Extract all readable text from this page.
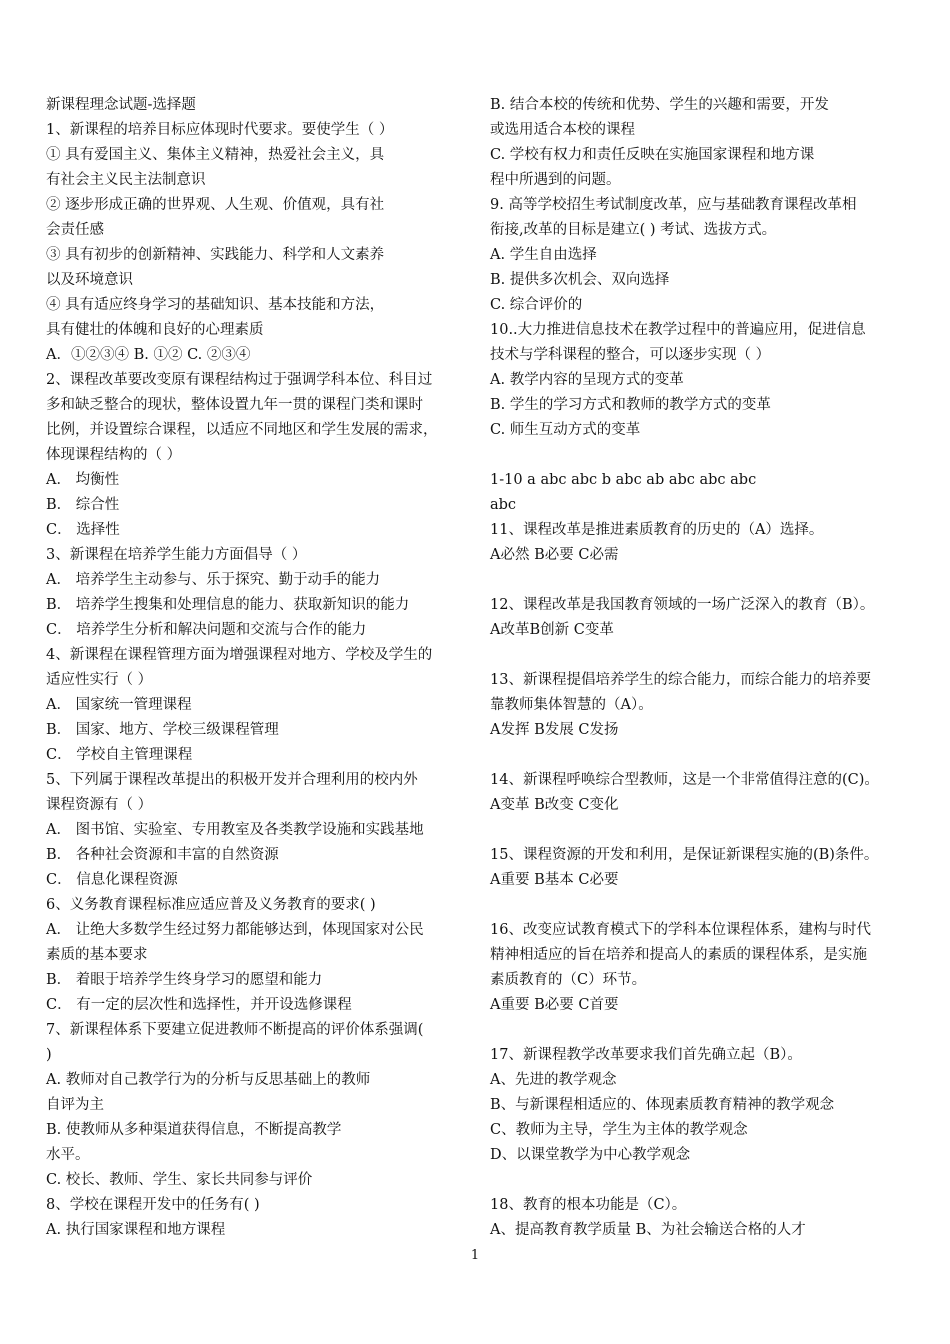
新课程理念试题-选择题
1、新课程的培养目标应体现时代要求。要使学生（ ）
① 具有爱国主义、集体主义精神，热爱社会主义，具
有社会主义民主法制意识
② 逐步形成正确的世界观、人生观、价值观，具有社
会责任感
③ 具有初步的创新精神、实践能力、科学和人文素养
以及环境意识
④ 具有适应终身学习的基础知识、基本技能和方法，
具有健壮的体魄和良好的心理素质
A．①②③④ B. ①② C. ②③④
2、课程改革要改变原有课程结构过于强调学科本位、科目过
多和缺乏整合的现状，整体设置九年一贯的课程门类和课时
比例，并设置综合课程，以适应不同地区和学生发展的需求，
体现课程结构的（ ）
A． 均衡性
B． 综合性
C． 选择性
3、新课程在培养学生能力方面倡导（ ）
A． 培养学生主动参与、乐于探究、勤于动手的能力
B． 培养学生搜集和处理信息的能力、获取新知识的能力
C． 培养学生分析和解决问题和交流与合作的能力
4、新课程在课程管理方面为增强课程对地方、学校及学生的
适应性实行（ ）
A． 国家统一管理课程
B． 国家、地方、学校三级课程管理
C． 学校自主管理课程
5、下列属于课程改革提出的积极开发并合理利用的校内外
课程资源有（ ）
A． 图书馆、实验室、专用教室及各类教学设施和实践基地
B． 各种社会资源和丰富的自然资源
C． 信息化课程资源
6、义务教育课程标准应适应普及义务教育的要求( )
A． 让绝大多数学生经过努力都能够达到，体现国家对公民
素质的基本要求
B． 着眼于培养学生终身学习的愿望和能力
C． 有一定的层次性和选择性，并开设选修课程
7、新课程体系下要建立促进教师不断提高的评价体系强调(
)
A. 教师对自己教学行为的分析与反思基础上的教师
自评为主
B. 使教师从多种渠道获得信息，不断提高教学
水平。
C. 校长、教师、学生、家长共同参与评价
8、学校在课程开发中的任务有( )
A. 执行国家课程和地方课程
B. 结合本校的传统和优势、学生的兴趣和需要，开发
或选用适合本校的课程
C. 学校有权力和责任反映在实施国家课程和地方课
程中所遇到的问题。
9. 高等学校招生考试制度改革，应与基础教育课程改革相
衔接,改革的目标是建立( ) 考试、选拔方式。
A. 学生自由选择
B. 提供多次机会、双向选择
C. 综合评价的
10..大力推进信息技术在教学过程中的普遍应用，促进信息
技术与学科课程的整合，可以逐步实现（ ）
A. 教学内容的呈现方式的变革
B. 学生的学习方式和教师的教学方式的变革
C. 师生互动方式的变革
1-10 a abc abc b abc ab abc abc abc
abc
11、课程改革是推进素质教育的历史的（A）选择。
A必然 B必要 C必需
12、课程改革是我国教育领域的一场广泛深入的教育（B）。
A改革B创新 C变革
13、新课程提倡培养学生的综合能力，而综合能力的培养要
靠教师集体智慧的（A）。
A发挥 B发展 C发扬
14、新课程呼唤综合型教师，这是一个非常值得注意的(C)。
A变革 B改变 C变化
15、课程资源的开发和利用，是保证新课程实施的(B)条件。
A重要 B基本 C必要
16、改变应试教育模式下的学科本位课程体系，建构与时代
精神相适应的旨在培养和提高人的素质的课程体系，是实施
素质教育的（C）环节。
A重要 B必要 C首要
17、新课程教学改革要求我们首先确立起（B）。
A、先进的教学观念
B、与新课程相适应的、体现素质教育精神的教学观念
C、教师为主导，学生为主体的教学观念
D、以课堂教学为中心教学观念
18、教育的根本功能是（C）。
A、提高教育教学质量 B、为社会输送合格的人才
1
